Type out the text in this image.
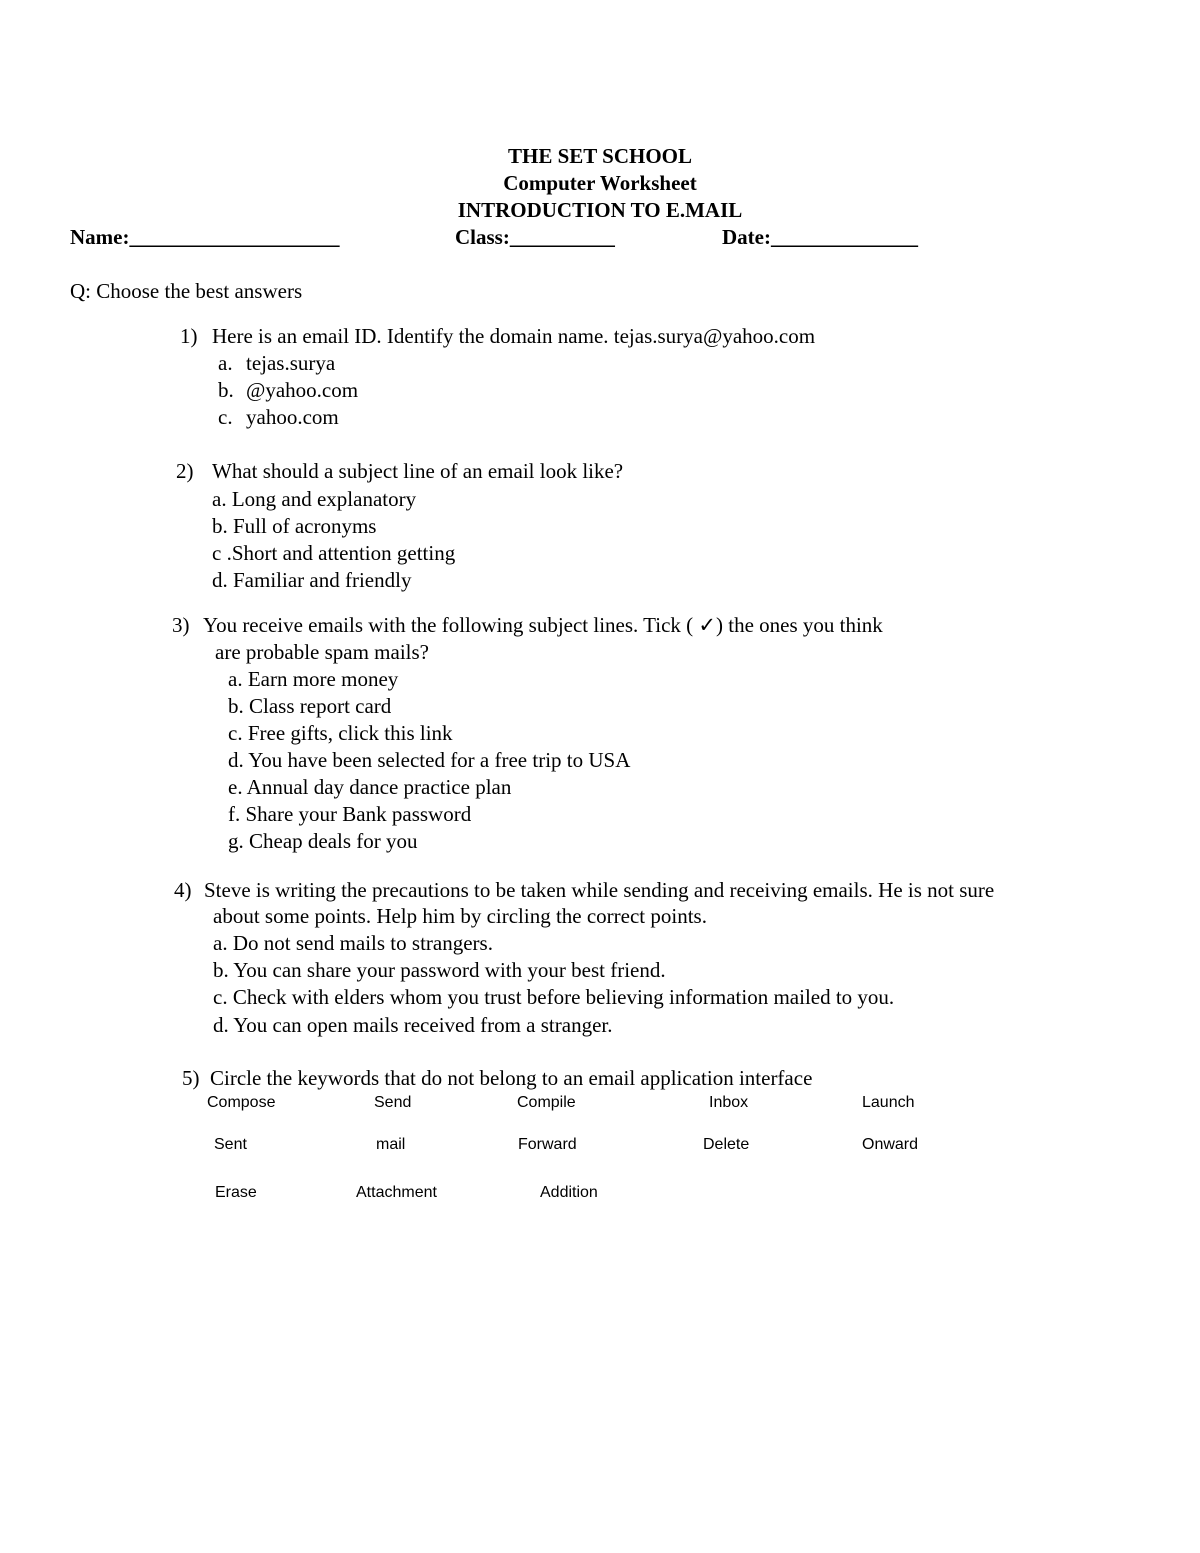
THE SET SCHOOL
Computer Worksheet
INTRODUCTION TO E.MAIL
Name:____________________	Class:__________	Date:______________
Q: Choose the best answers
1) Here is an email ID. Identify the domain name. tejas.surya@yahoo.com
a. tejas.surya
b. @yahoo.com
c. yahoo.com
2) What should a subject line of an email look like?
a. Long and explanatory
b. Full of acronyms
c .Short and attention getting
d. Familiar and friendly
3) You receive emails with the following subject lines. Tick ( ✓) the ones you think
are probable spam mails?
a. Earn more money
b. Class report card
c. Free gifts, click this link
d. You have been selected for a free trip to USA
e. Annual day dance practice plan
f. Share your Bank password
g. Cheap deals for you
4) Steve is writing the precautions to be taken while sending and receiving emails. He is not sure
about some points. Help him by circling the correct points.
a. Do not send mails to strangers.
b. You can share your password with your best friend.
c. Check with elders whom you trust before believing information mailed to you.
d. You can open mails received from a stranger.
5) Circle the keywords that do not belong to an email application interface
Compose	Send	Compile	Inbox	Launch
Sent	mail	Forward	Delete	Onward
Erase	Attachment	Addition
